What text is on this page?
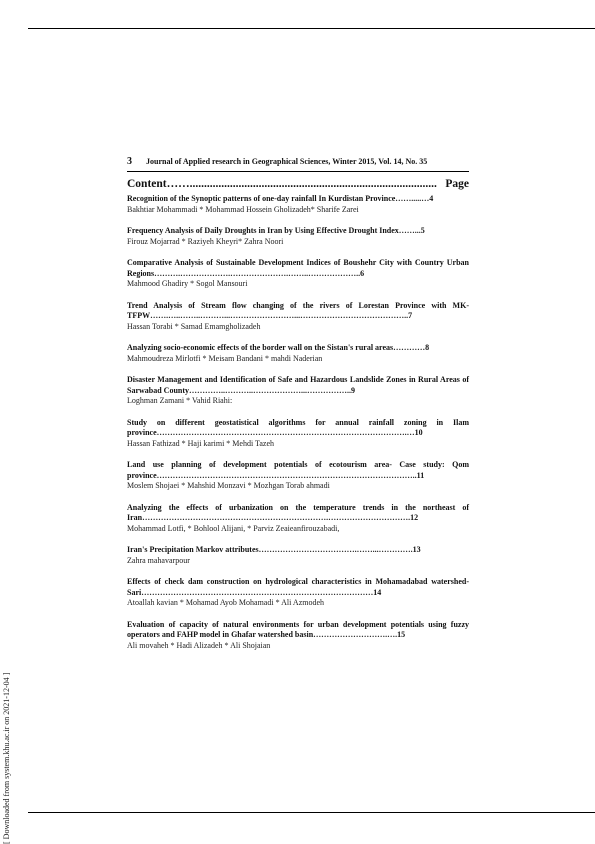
[ Downloaded from system.khu.ac.ir on 2021-12-04 ]
3 Journal of Applied research in Geographical Sciences, Winter 2015, Vol. 14, No. 35
Content ……...................................................................................... Page
Recognition of the Synoptic patterns of one-day rainfall In Kurdistan Province…….....…4
Bakhtiar Mohammadi * Mohammad Hossein Gholizadeh* Sharife Zarei
Frequency Analysis of Daily Droughts in Iran by Using Effective Drought Index……...5
Firouz Mojarrad * Raziyeh Kheyri* Zahra Noori
Comparative Analysis of Sustainable Development Indices of Boushehr City with Country Urban Regions……….……………….………………….……..………………..6
Mahmood Ghadiry * Sogol Mansouri
Trend Analysis of Stream flow changing of the rivers of Lorestan Province with MK-TFPW…….…..……..………...……………………...…………………………………..7
Hassan Torabi * Samad Emamgholizadeh
Analyzing socio-economic effects of the border wall on the Sistan's rural areas…………8
Mahmoudreza Mirlotfi * Meisam Bandani * mahdi Naderian
Disaster Management and Identification of Safe and Hazardous Landslide Zones in Rural Areas of Sarwabad County…………..………..………………...……………..9
Loghman Zamani * Vahid Riahi:
Study on different geostatistical algorithms for annual rainfall zoning in Ilam province………………………………………………………………………………….…10
Hassan Fathizad * Haji karimi * Mehdi Tazeh
Land use planning of development potentials of ecotourism area- Case study: Qom province……………………………………………………………………………………..11
Moslem Shojaei * Mahshid Monzavi * Mozhgan Torab ahmadi
Analyzing the effects of urbanization on the temperature trends in the northeast of Iran…………………………………………………………….………………………….12
Mohammad Lotfi, * Bohlool Alijani, * Parviz Zeaieanfirouzabadi,
Iran's Precipitation Markov attributes……………………………….……...………….13
Zahra mahavarpour
Effects of check dam construction on hydrological characteristics in Mohamadabad watershed-Sari……………………………………………………………………………14
Atoallah kavian * Mohamad Ayob Mohamadi * Ali Azmodeh
Evaluation of capacity of natural environments for urban development potentials using fuzzy operators and FAHP model in Ghafar watershed basin……………………….….15
Ali movaheh * Hadi Alizadeh * Ali Shojaian
